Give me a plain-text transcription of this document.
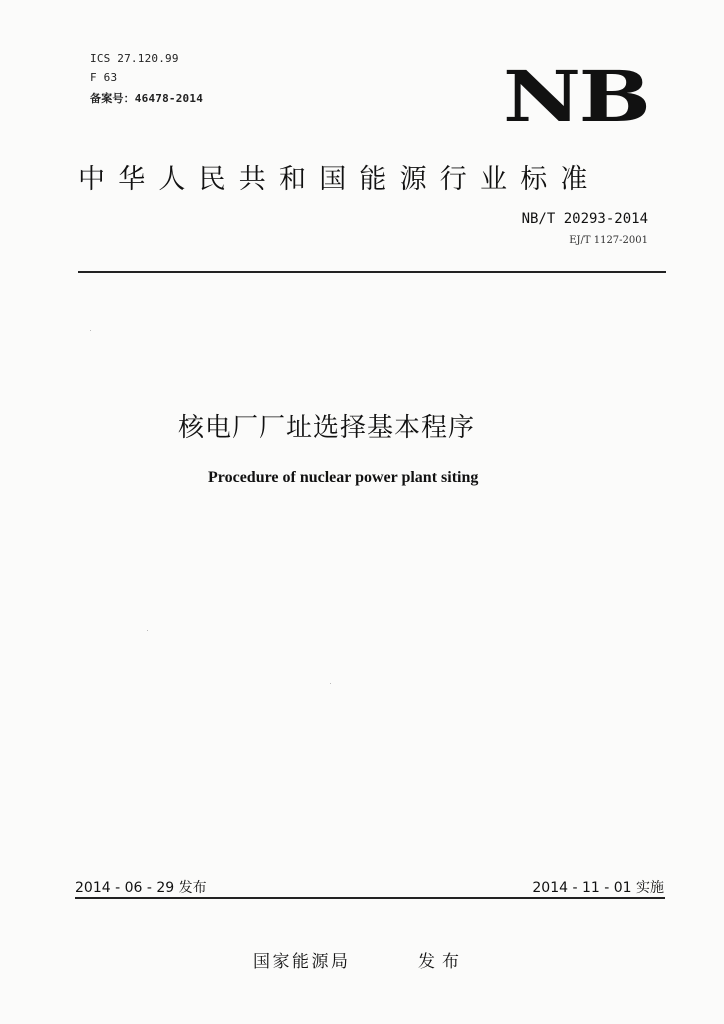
ICS 27.120.99
F 63
备案号：46478-2014	NB
中华人民共和国能源行业标准
NB/T 20293-2014
EJ/T 1127-2001
核电厂厂址选择基本程序
Procedure of nuclear power plant siting
2014 - 06 - 29 发布	2014 - 11 - 01 实施
国家能源局	发布
